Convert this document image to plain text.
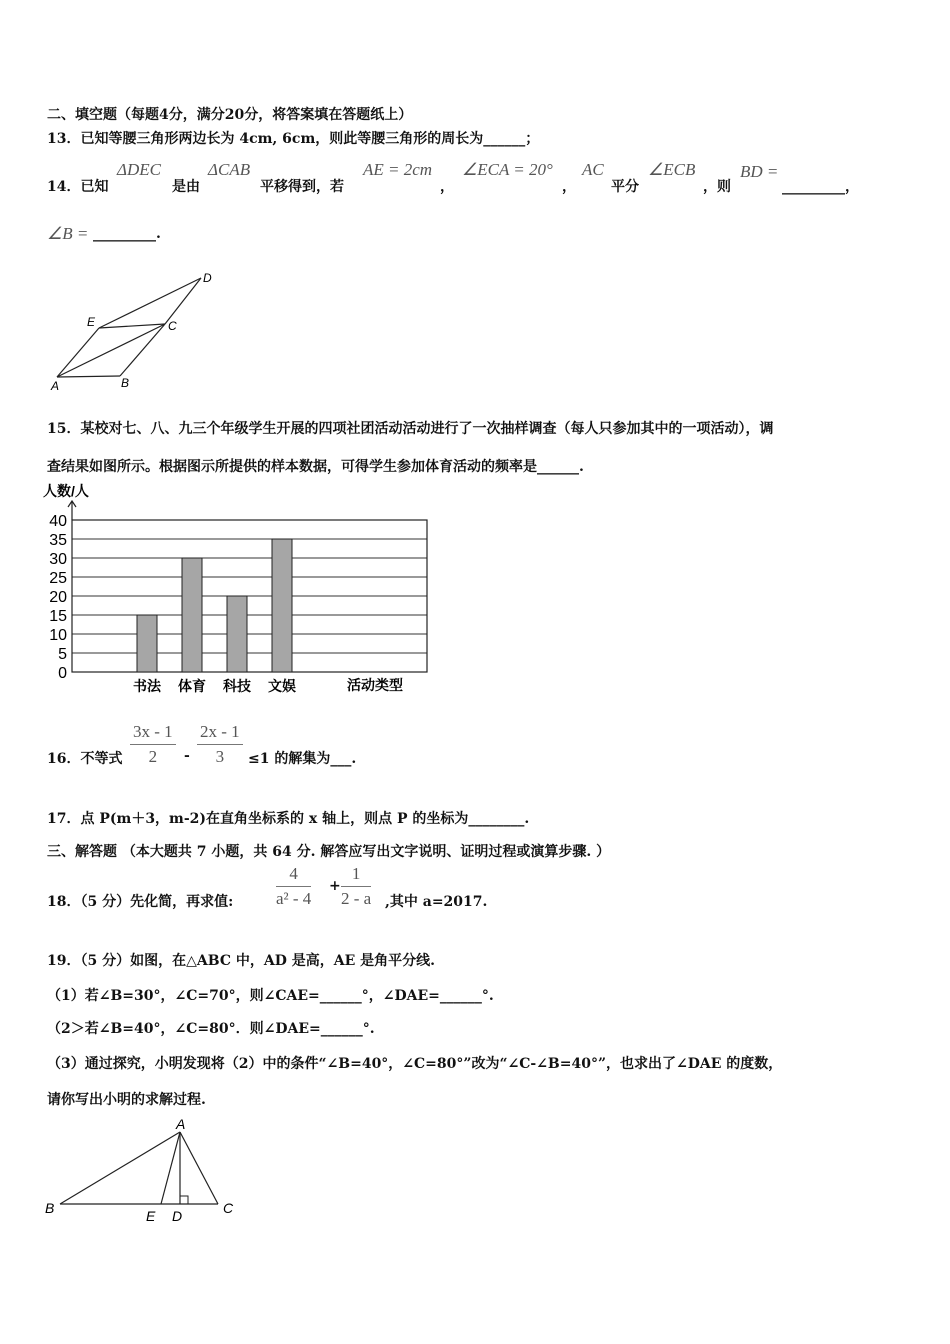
二、填空题（每题4分，满分20分，将答案填在答题纸上）
13．已知等腰三角形两边长为 4cm, 6cm，则此等腰三角形的周长为______；
14．已知
ΔDEC
是由
ΔCAB
平移得到，若
AE = 2cm
，
∠ECA = 20°
，
AC
平分
∠ECB
，则
BD =
_________，
∠B = _________.
D
E	C
A	B
15．某校对七、八、九三个年级学生开展的四项社团活动活动进行了一次抽样调查（每人只参加其中的一项活动），调
查结果如图所示。根据图示所提供的样本数据，可得学生参加体育活动的频率是______.
人数/人
0
5
10
15
20
25
30
35
40
书法 体育 科技 文娱	活动类型
16．不等式
3x - 1
2	-
2x - 1
3	≤1 的解集为___.
17．点 P(m＋3，m-2)在直角坐标系的 x 轴上，则点 P 的坐标为________.
三、解答题 （本大题共 7 小题，共 64 分. 解答应写出文字说明、证明过程或演算步骤. ）
18．（5 分）先化简，再求值:
4
a² - 4
+
1
2 - a ,其中 a=2017.
19．（5 分）如图，在△ABC 中，AD 是高，AE 是角平分线.
（1）若∠B=30°，∠C=70°，则∠CAE=______°，∠DAE=______°.
（2＞若∠B=40°，∠C=80°．则∠DAE=______°.
（3）通过探究，小明发现将（2）中的条件“∠B=40°，∠C=80°”改为“∠C-∠B=40°”，也求出了∠DAE 的度数，
请你写出小明的求解过程.
A
B	E D	C
